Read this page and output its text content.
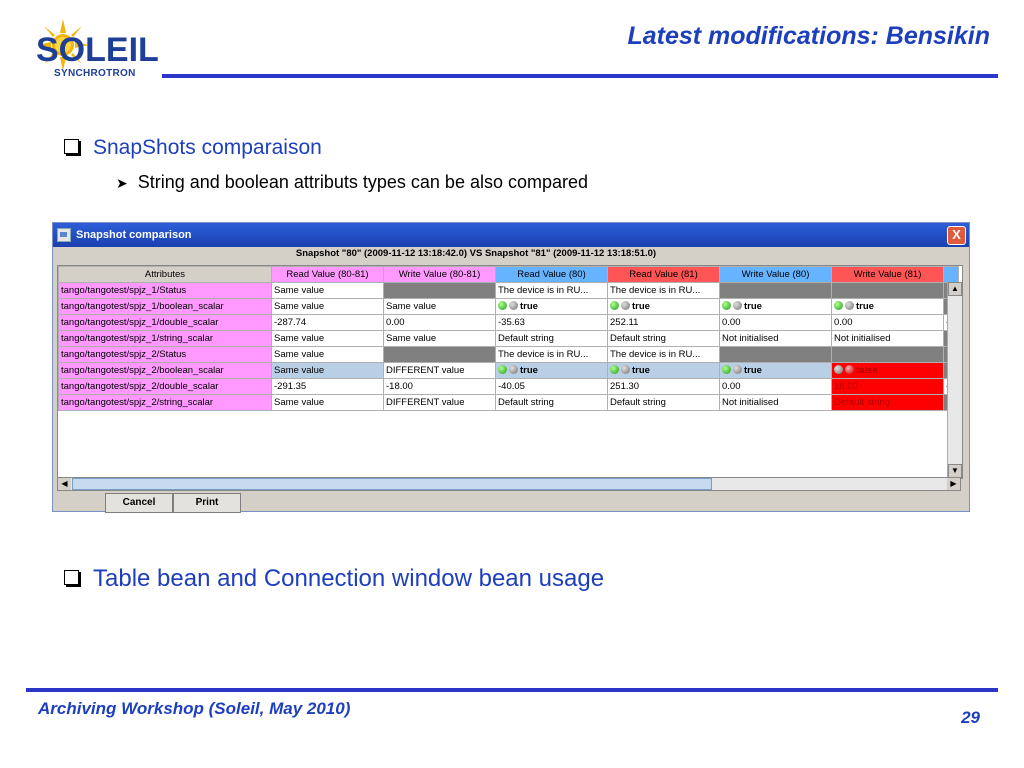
SOLEIL
SYNCHROTRON
Latest modifications: Bensikin
SnapShots comparaison
➤ String and boolean attributs types can be also compared
Snapshot comparison	X
Snapshot "80" (2009-11-12 13:18:42.0) VS Snapshot "81" (2009-11-12 13:18:51.0)
Attributes	Read Value (80-81)	Write Value (80-81)	Read Value (80)	Read Value (81)	Write Value (80)	Write Value (81)	
tango/tangotest/spjz_1/Status	Same value		The device is in RU...	The device is in RU...			
tango/tangotest/spjz_1/boolean_scalar	Same value	Same value	true	true	true	true	
tango/tangotest/spjz_1/double_scalar	-287.74	0.00	-35.63	252.11	0.00	0.00	
tango/tangotest/spjz_1/string_scalar	Same value	Same value	Default string	Default string	Not initialised	Not initialised	
tango/tangotest/spjz_2/Status	Same value		The device is in RU...	The device is in RU...			
tango/tangotest/spjz_2/boolean_scalar	Same value	DIFFERENT value	true	true	true	false	
tango/tangotest/spjz_2/double_scalar	-291.35	-18.00	-40.05	251.30	0.00	18.00	
tango/tangotest/spjz_2/string_scalar	Same value	DIFFERENT value	Default string	Default string	Not initialised	Default string	

▲
▼
◀	▶
Cancel	Print
Table bean and Connection window bean usage
Archiving Workshop (Soleil, May 2010)	29
